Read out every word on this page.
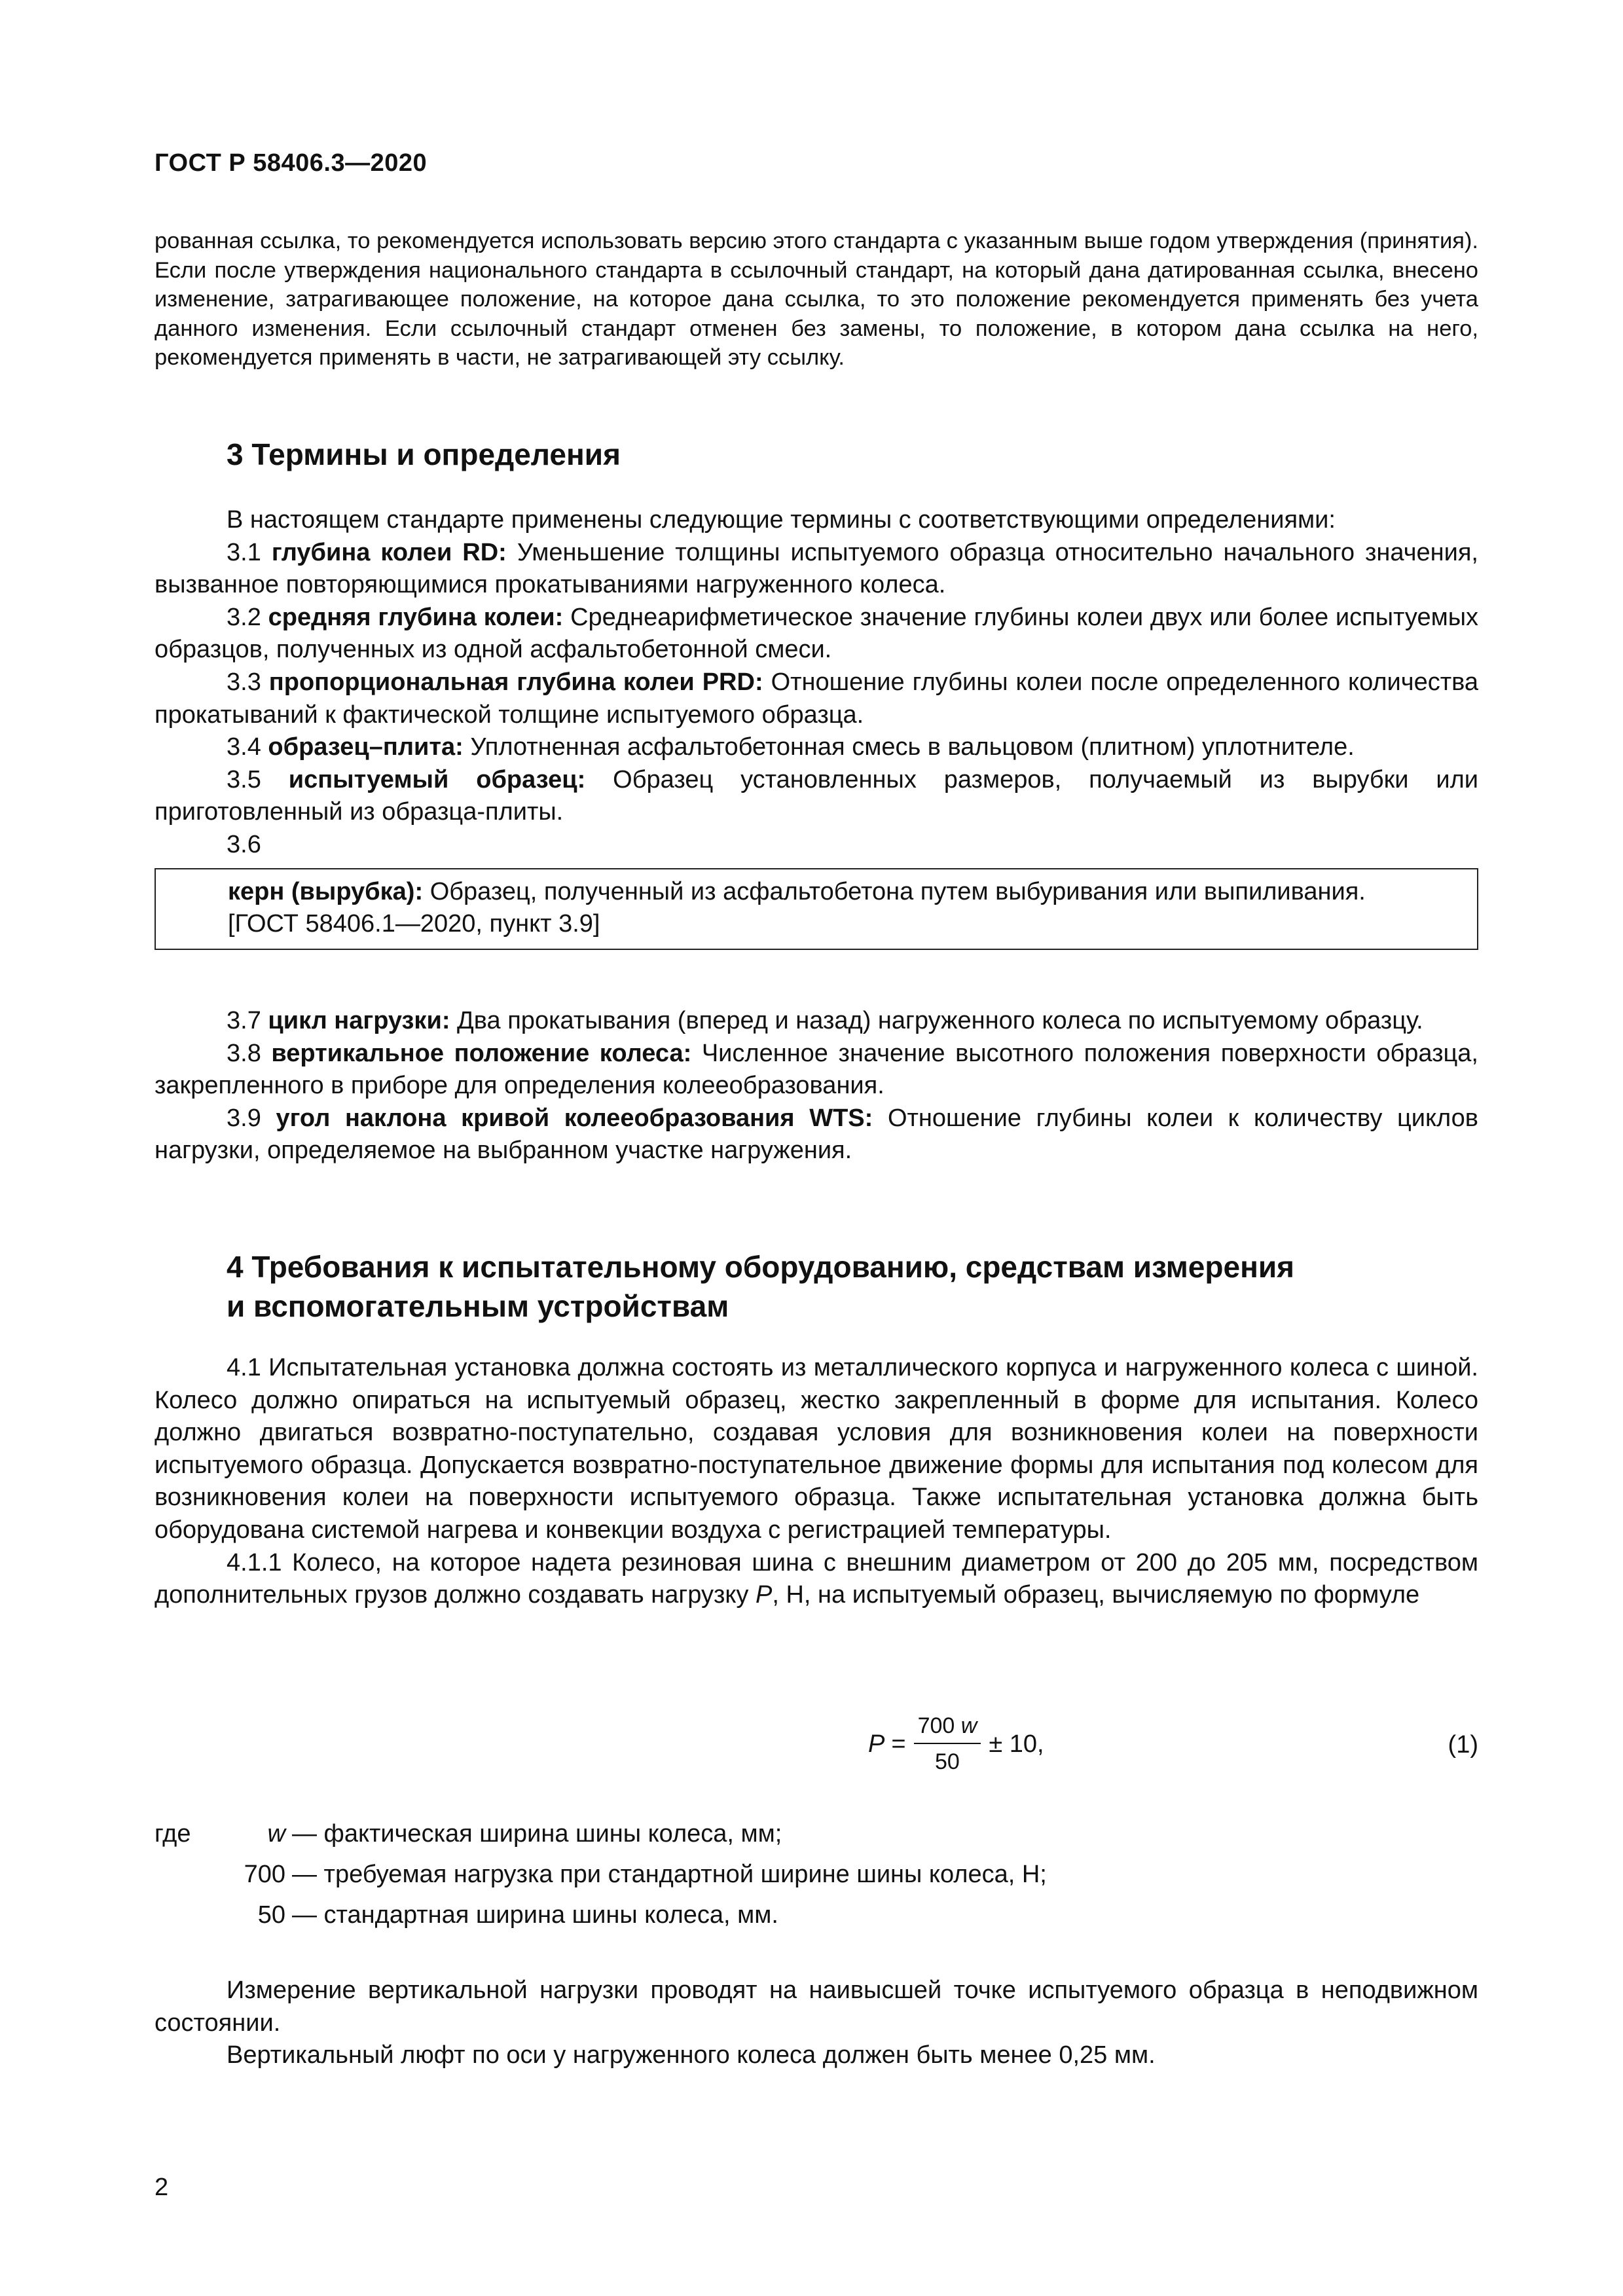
ГОСТ Р 58406.3—2020

рованная ссылка, то рекомендуется использовать версию этого стандарта с указанным выше годом утверждения (принятия). Если после утверждения национального стандарта в ссылочный стандарт, на который дана датированная ссылка, внесено изменение, затрагивающее положение, на которое дана ссылка, то это положение рекомендуется применять без учета данного изменения. Если ссылочный стандарт отменен без замены, то положение, в котором дана ссылка на него, рекомендуется применять в части, не затрагивающей эту ссылку.

3 Термины и определения

В настоящем стандарте применены следующие термины с соответствующими определениями:

3.1 глубина колеи RD: Уменьшение толщины испытуемого образца относительно начального значения, вызванное повторяющимися прокатываниями нагруженного колеса.

3.2 средняя глубина колеи: Среднеарифметическое значение глубины колеи двух или более испытуемых образцов, полученных из одной асфальтобетонной смеси.

3.3 пропорциональная глубина колеи PRD: Отношение глубины колеи после определенного количества прокатываний к фактической толщине испытуемого образца.

3.4 образец–плита: Уплотненная асфальтобетонная смесь в вальцовом (плитном) уплотнителе.

3.5 испытуемый образец: Образец установленных размеров, получаемый из вырубки или приготовленный из образца-плиты.

3.6

керн (вырубка): Образец, полученный из асфальтобетона путем выбуривания или выпиливания.

[ГОСТ 58406.1—2020, пункт 3.9]

3.7 цикл нагрузки: Два прокатывания (вперед и назад) нагруженного колеса по испытуемому образцу.

3.8 вертикальное положение колеса: Численное значение высотного положения поверхности образца, закрепленного в приборе для определения колееобразования.

3.9 угол наклона кривой колееобразования WTS: Отношение глубины колеи к количеству циклов нагрузки, определяемое на выбранном участке нагружения.

4 Требования к испытательному оборудованию, средствам измерения
и вспомогательным устройствам

4.1 Испытательная установка должна состоять из металлического корпуса и нагруженного колеса с шиной. Колесо должно опираться на испытуемый образец, жестко закрепленный в форме для испытания. Колесо должно двигаться возвратно-поступательно, создавая условия для возникновения колеи на поверхности испытуемого образца. Допускается возвратно-поступательное движение формы для испытания под колесом для возникновения колеи на поверхности испытуемого образца. Также испытательная установка должна быть оборудована системой нагрева и конвекции воздуха с регистрацией температуры.

4.1.1 Колесо, на которое надета резиновая шина с внешним диаметром от 200 до 205 мм, посредством дополнительных грузов должно создавать нагрузку P, Н, на испытуемый образец, вычисляемую по формуле

$P = \frac{700 w}{50} \pm 10$,	(1)
где	w — фактическая ширина шины колеса, мм;
700 — требуемая нагрузка при стандартной ширине шины колеса, Н;
50 — стандартная ширина шины колеса, мм.

Измерение вертикальной нагрузки проводят на наивысшей точке испытуемого образца в неподвижном состоянии.

Вертикальный люфт по оси у нагруженного колеса должен быть менее 0,25 мм.

2
